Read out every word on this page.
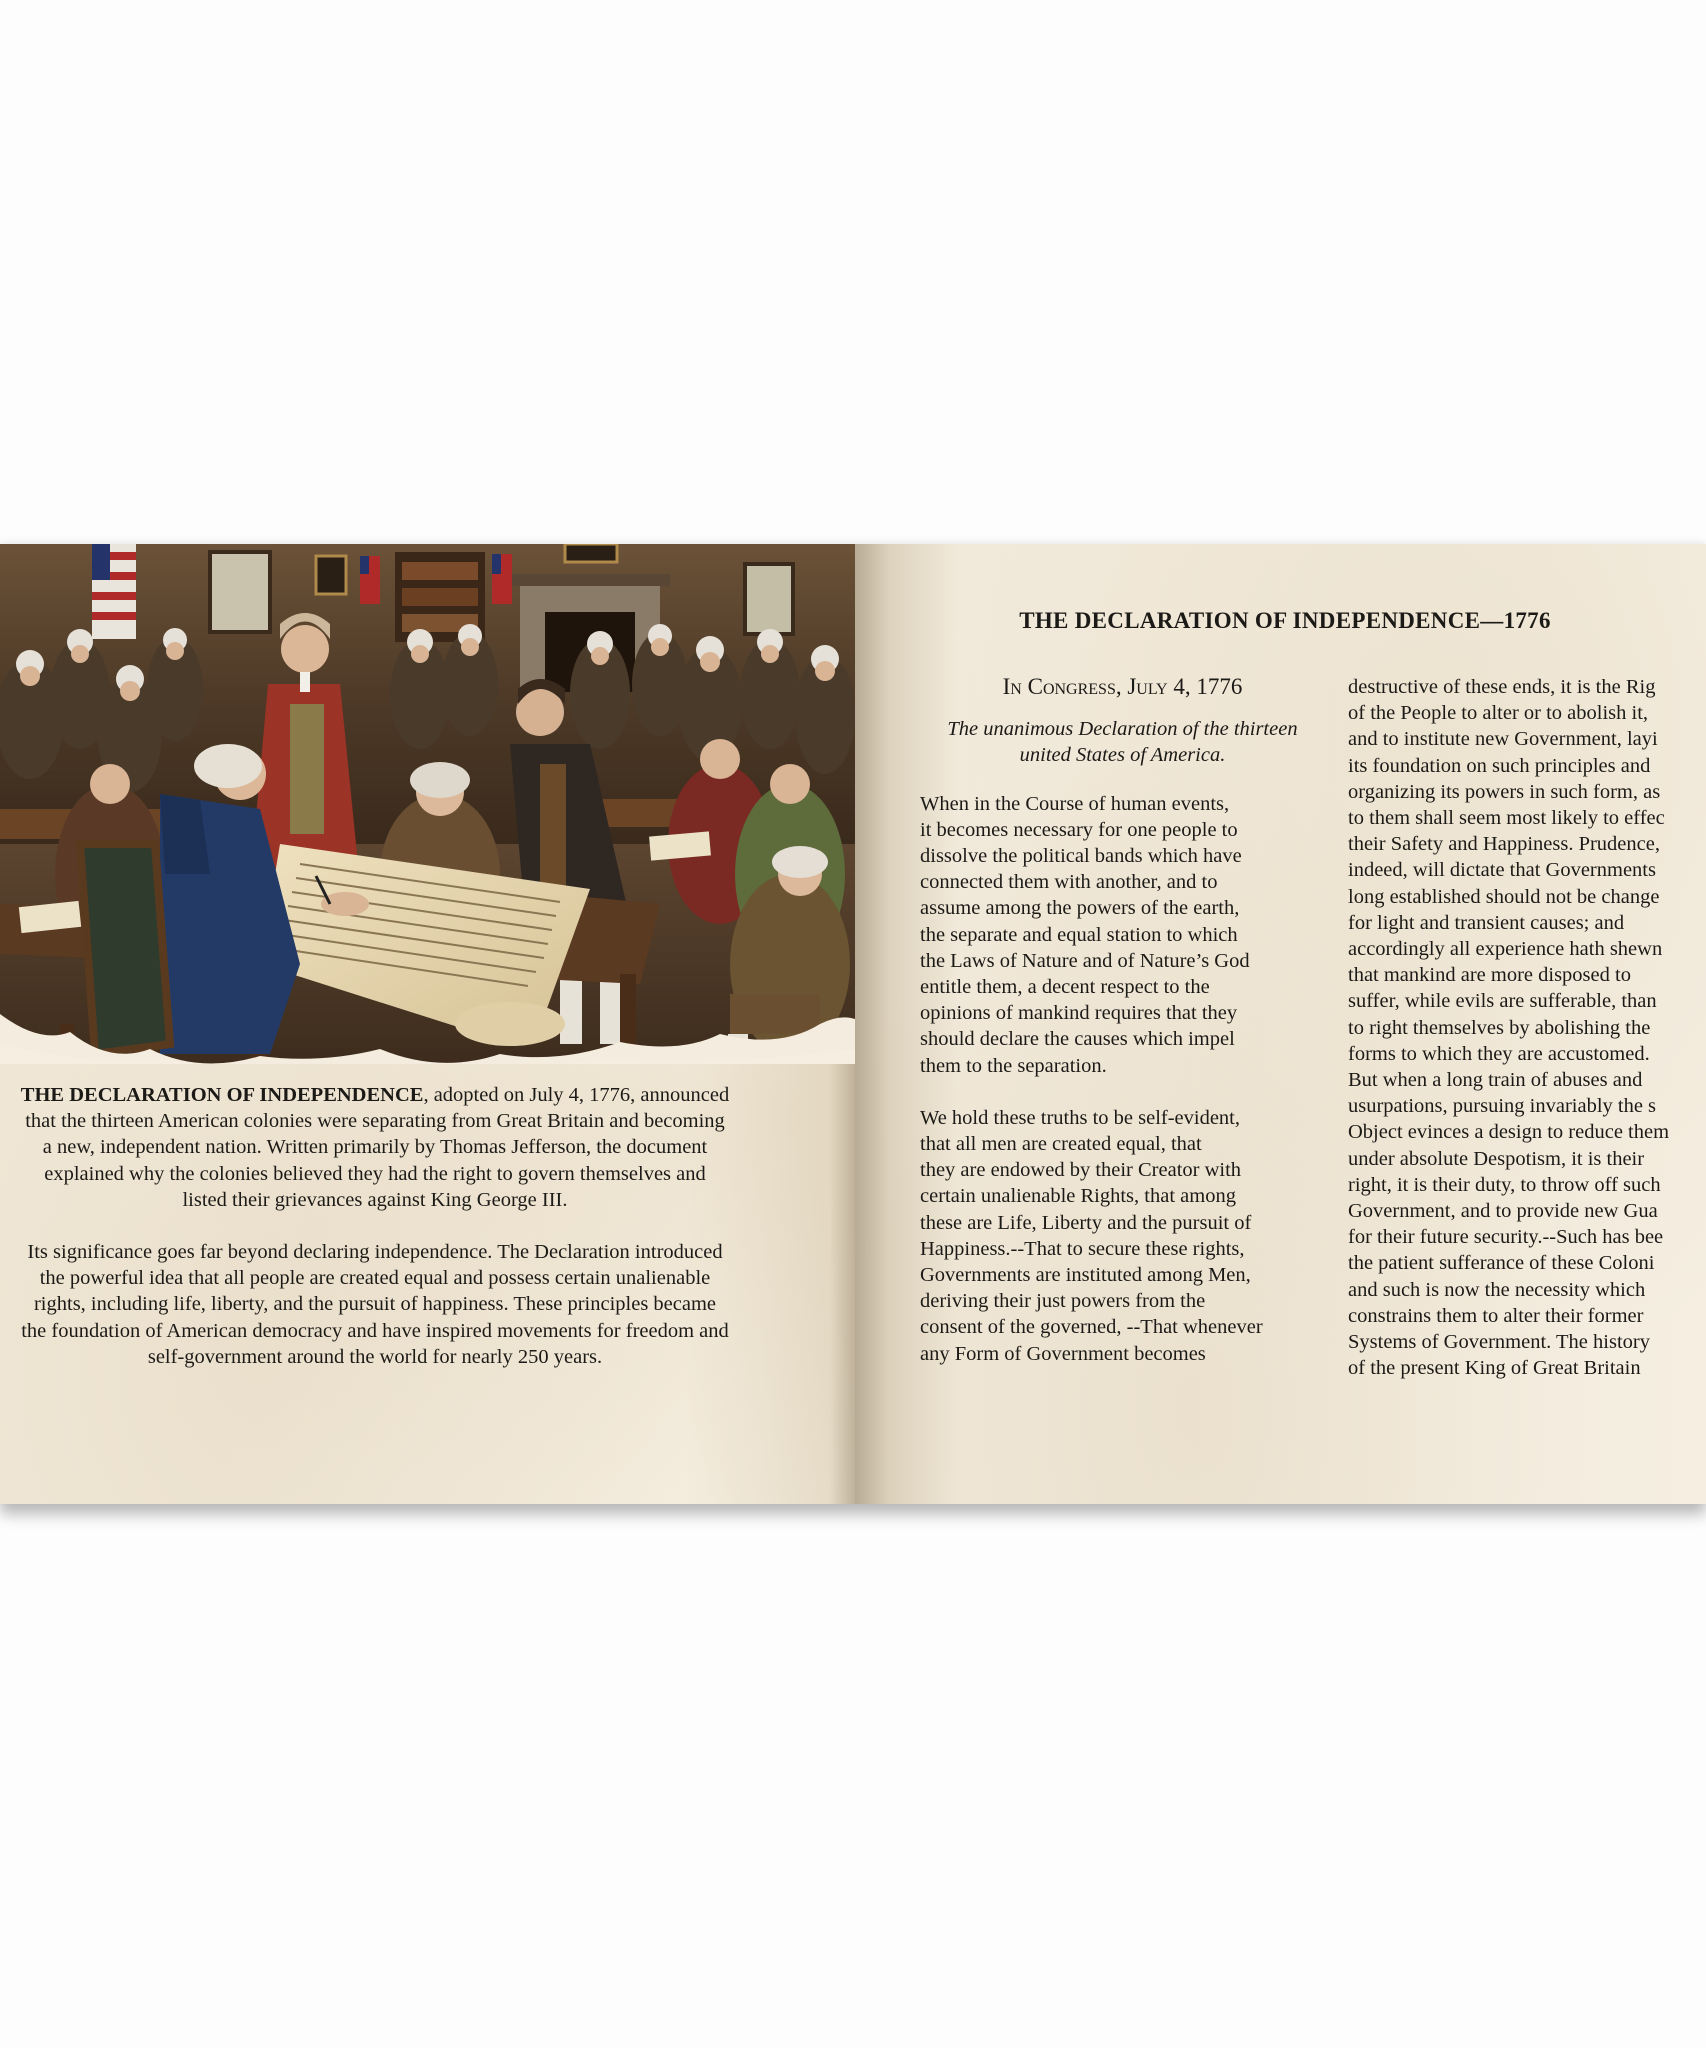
THE DECLARATION OF INDEPENDENCE, adopted on July 4, 1776, announced that the thirteen American colonies were separating from Great Britain and becoming a new, independent nation. Written primarily by Thomas Jefferson, the document explained why the colonies believed they had the right to govern themselves and listed their grievances against King George III.

Its significance goes far beyond declaring independence. The Declaration introduced the powerful idea that all people are created equal and possess certain unalienable rights, including life, liberty, and the pursuit of happiness. These principles became the foundation of American democracy and have inspired movements for freedom and self-government around the world for nearly 250 years.

THE DECLARATION OF INDEPENDENCE—1776
In Congress, July 4, 1776
The unanimous Declaration of the thirteen united States of America.
When in the Course of human events,
it becomes necessary for one people to
dissolve the political bands which have
connected them with another, and to
assume among the powers of the earth,
the separate and equal station to which
the Laws of Nature and of Nature’s God
entitle them, a decent respect to the
opinions of mankind requires that they
should declare the causes which impel
them to the separation.
We hold these truths to be self-evident,
that all men are created equal, that
they are endowed by their Creator with
certain unalienable Rights, that among
these are Life, Liberty and the pursuit of
Happiness.--That to secure these rights,
Governments are instituted among Men,
deriving their just powers from the
consent of the governed, --That whenever
any Form of Government becomes
destructive of these ends, it is the Rig
of the People to alter or to abolish it,
and to institute new Government, layi
its foundation on such principles and
organizing its powers in such form, as
to them shall seem most likely to effec
their Safety and Happiness. Prudence,
indeed, will dictate that Governments
long established should not be change
for light and transient causes; and
accordingly all experience hath shewn
that mankind are more disposed to
suffer, while evils are sufferable, than
to right themselves by abolishing the
forms to which they are accustomed.
But when a long train of abuses and
usurpations, pursuing invariably the s
Object evinces a design to reduce them
under absolute Despotism, it is their
right, it is their duty, to throw off such
Government, and to provide new Gua
for their future security.--Such has bee
the patient sufferance of these Coloni
and such is now the necessity which
constrains them to alter their former
Systems of Government. The history
of the present King of Great Britain
